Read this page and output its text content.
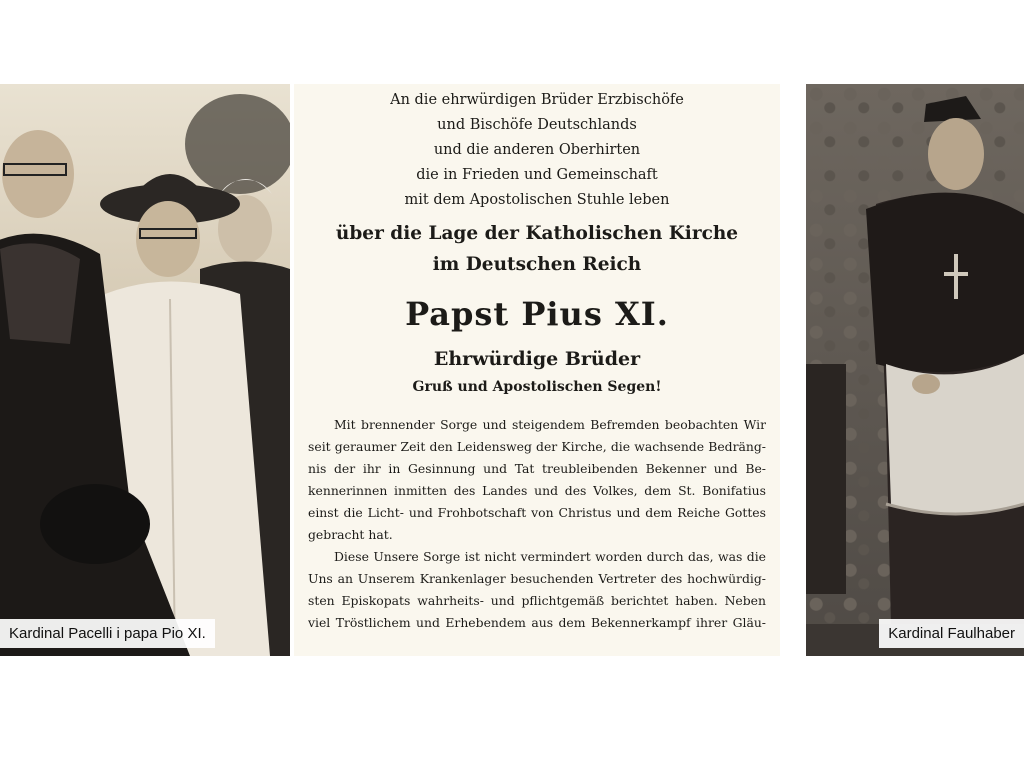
Kardinal Pacelli i papa Pio XI.
An die ehrwürdigen Brüder Erzbischöfe
und Bischöfe Deutschlands
und die anderen Oberhirten
die in Frieden und Gemeinschaft
mit dem Apostolischen Stuhle leben
über die Lage der Katholischen Kirche
im Deutschen Reich
Papst Pius XI.
Ehrwürdige Brüder
Gruß und Apostolischen Segen!
Mit brennender Sorge und steigendem Befremden beobachten Wir
seit geraumer Zeit den Leidensweg der Kirche, die wachsende Bedräng-
nis der ihr in Gesinnung und Tat treubleibenden Bekenner und Be-
kennerinnen inmitten des Landes und des Volkes, dem St. Bonifatius
einst die Licht- und Frohbotschaft von Christus und dem Reiche Gottes
gebracht hat.
Diese Unsere Sorge ist nicht vermindert worden durch das, was die
Uns an Unserem Krankenlager besuchenden Vertreter des hochwürdig-
sten Episkopats wahrheits- und pflichtgemäß berichtet haben. Neben
viel Tröstlichem und Erhebendem aus dem Bekennerkampf ihrer Gläu-
Kardinal Faulhaber
